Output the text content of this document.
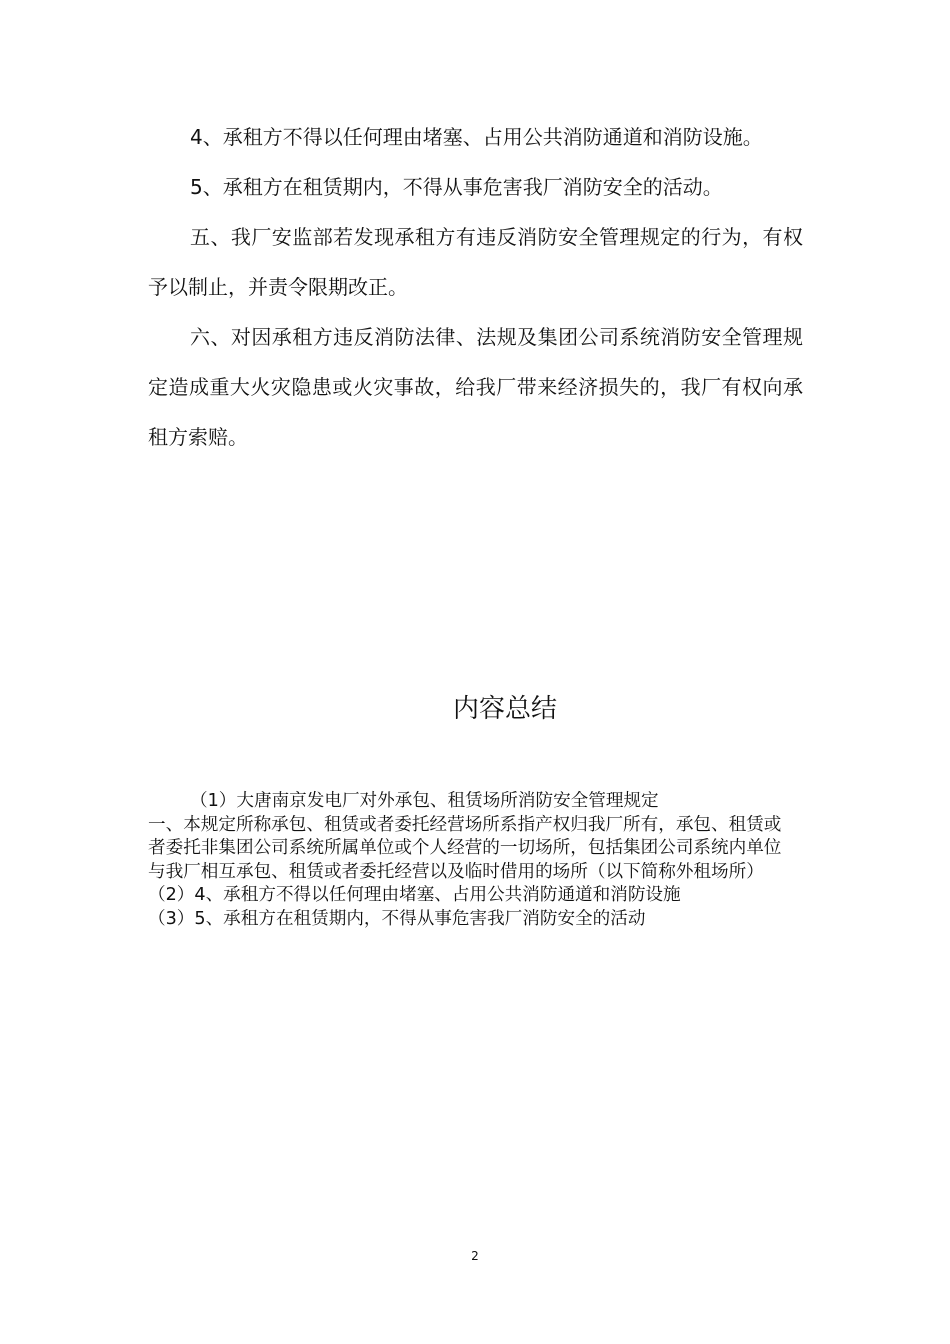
4、承租方不得以任何理由堵塞、占用公共消防通道和消防设施。

5、承租方在租赁期内，不得从事危害我厂消防安全的活动。

五、我厂安监部若发现承租方有违反消防安全管理规定的行为，有权予以制止，并责令限期改正。

六、对因承租方违反消防法律、法规及集团公司系统消防安全管理规定造成重大火灾隐患或火灾事故，给我厂带来经济损失的，我厂有权向承租方索赔。

内容总结
（1）大唐南京发电厂对外承包、租赁场所消防安全管理规定
一、本规定所称承包、租赁或者委托经营场所系指产权归我厂所有，承包、租赁或者委托非集团公司系统所属单位或个人经营的一切场所，包括集团公司系统内单位与我厂相互承包、租赁或者委托经营以及临时借用的场所（以下简称外租场所）
（2）4、承租方不得以任何理由堵塞、占用公共消防通道和消防设施
（3）5、承租方在租赁期内，不得从事危害我厂消防安全的活动
2
